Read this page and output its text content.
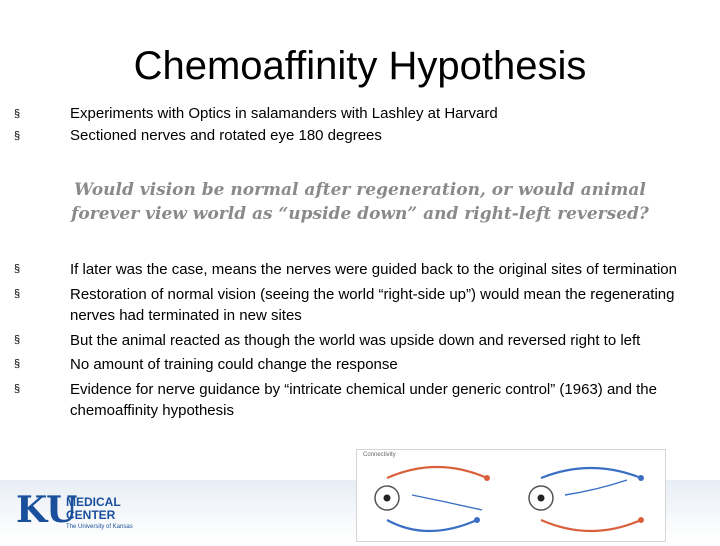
Chemoaffinity Hypothesis
§	Experiments with Optics in salamanders with Lashley at Harvard
§	Sectioned nerves and rotated eye 180 degrees
Would vision be normal after regeneration, or would animal forever view world as “upside down” and right-left reversed?
§	If later was the case, means the nerves were guided back to the original sites of termination
§	Restoration of normal vision (seeing the world “right-side up”) would mean the regenerating nerves had terminated in new sites
§	But the animal reacted as though the world was upside down and reversed right to left
§	No amount of training could change the response
§	Evidence for nerve guidance by “intricate chemical under generic control” (1963) and the chemoaffinity hypothesis
KU
MEDICAL
CENTER
The University of Kansas
Connectivity
